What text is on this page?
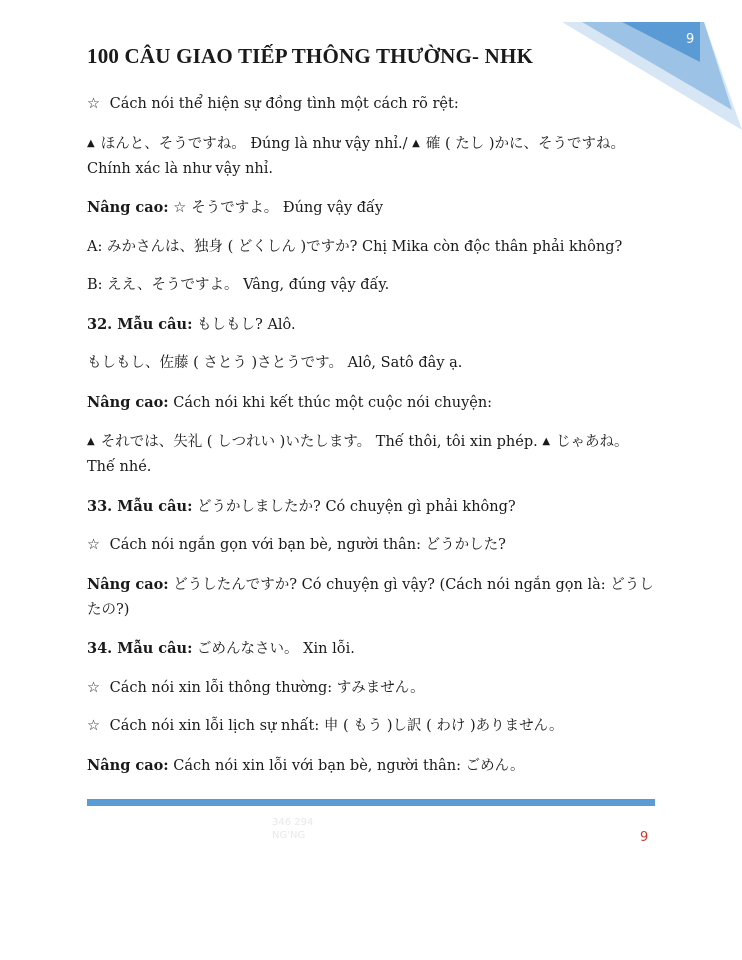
9
100 CÂU GIAO TIẾP THÔNG THƯỜNG- NHK

☆ Cách nói thể hiện sự đồng tình một cách rõ rệt:

▲ ほんと、そうですね。 Đúng là như vậy nhỉ./ ▲ 確 ( たし )かに、そうですね。 Chính xác là như vậy nhỉ.

Nâng cao: ☆ そうですよ。 Đúng vậy đấy

A: みかさんは、独身 ( どくしん )ですか? Chị Mika còn độc thân phải không?

B: ええ、そうですよ。 Vâng, đúng vậy đấy.

32. Mẫu câu: もしもし? Alô.

もしもし、佐藤 ( さとう )さとうです。 Alô, Satô đây ạ.

Nâng cao: Cách nói khi kết thúc một cuộc nói chuyện:

▲ それでは、失礼 ( しつれい )いたします。 Thế thôi, tôi xin phép. ▲ じゃあね。 Thế nhé.

33. Mẫu câu: どうかしましたか? Có chuyện gì phải không?

☆ Cách nói ngắn gọn với bạn bè, người thân: どうかした?

Nâng cao: どうしたんですか? Có chuyện gì vậy? (Cách nói ngắn gọn là: どうしたの?)

34. Mẫu câu: ごめんなさい。 Xin lỗi.

☆ Cách nói xin lỗi thông thường: すみません。

☆ Cách nói xin lỗi lịch sự nhất: 申 ( もう )し訳 ( わけ )ありません。

Nâng cao: Cách nói xin lỗi với bạn bè, người thân: ごめん。

346 294
NG'NG	9
